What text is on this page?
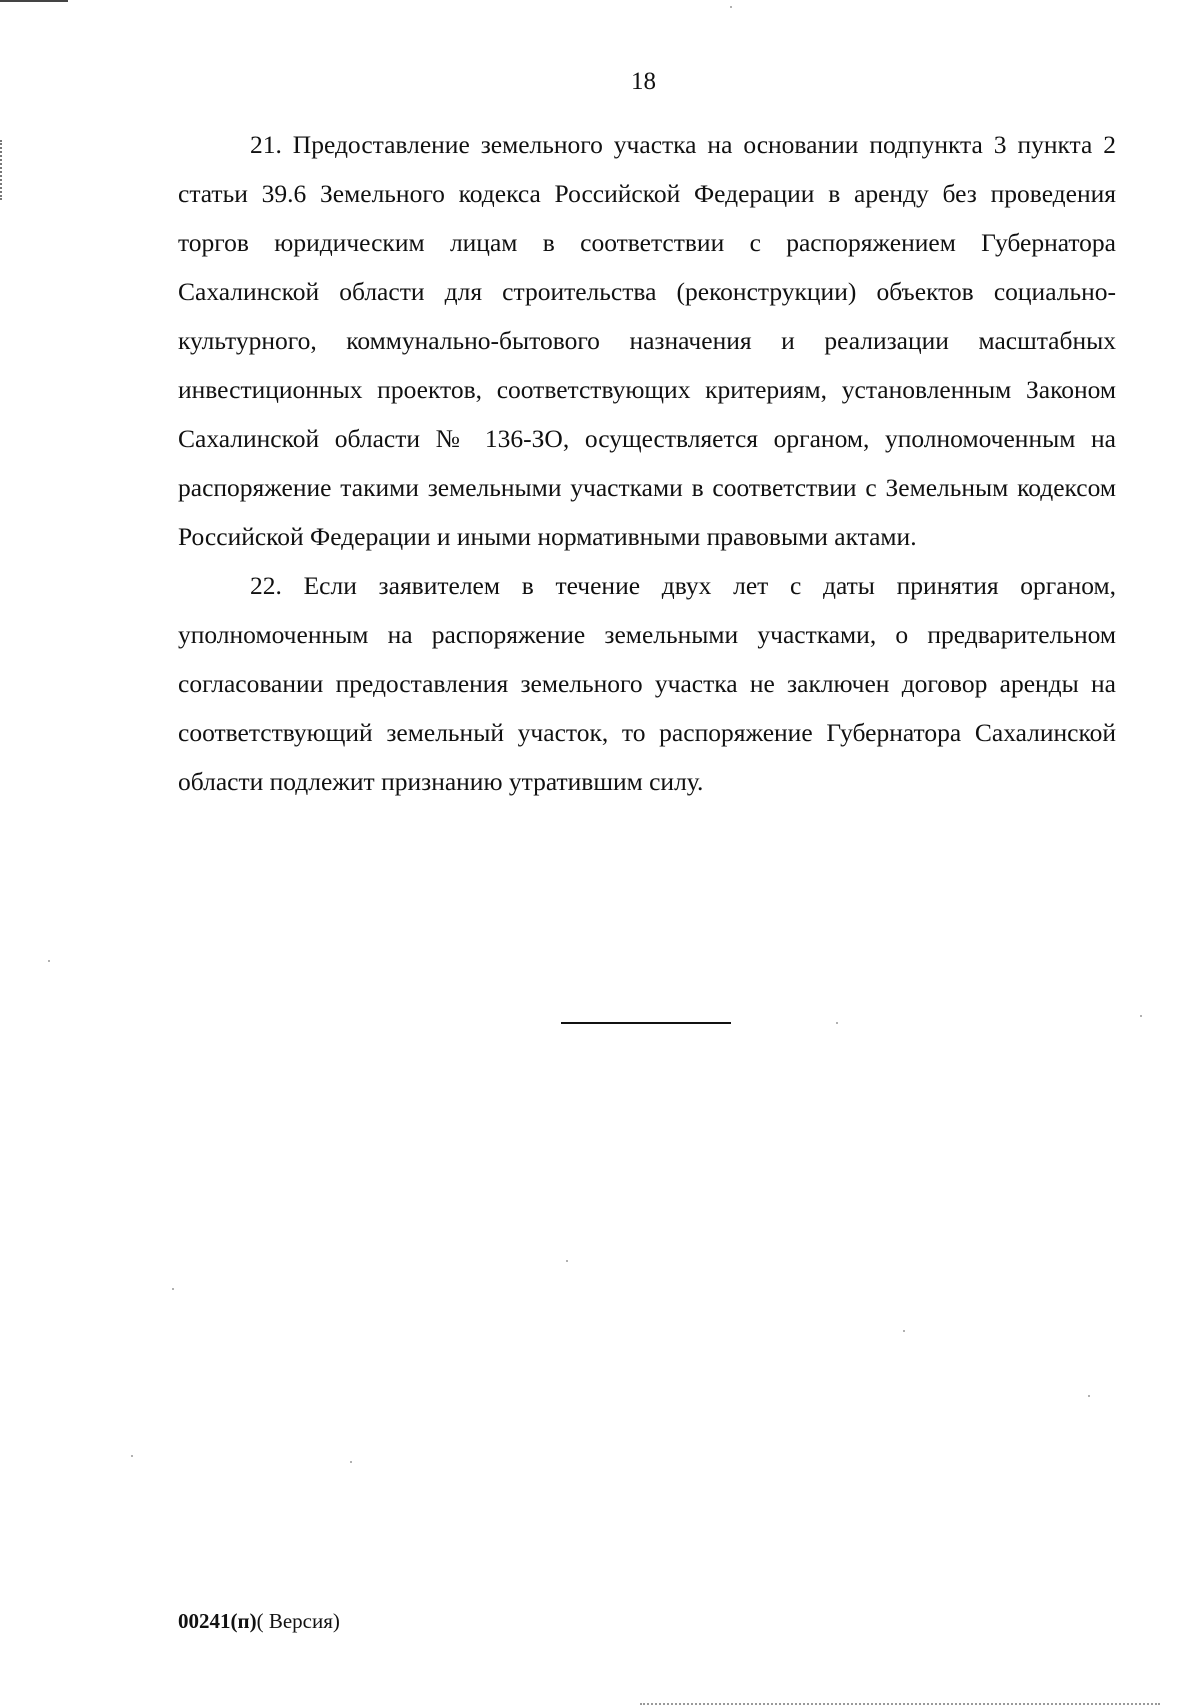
18

21. Предоставление земельного участка на основании подпункта 3 пункта 2 статьи 39.6 Земельного кодекса Российской Федерации в аренду без проведения торгов юридическим лицам в соответствии с распоряжением Губернатора Сахалинской области для строительства (реконструкции) объектов социально-культурного, коммунально-бытового назначения и реализации масштабных инвестиционных проектов, соответствующих критериям, установленным Законом Сахалинской области № 136-ЗО, осуществляется органом, уполномоченным на распоряжение такими земельными участками в соответствии с Земельным кодексом Российской Федерации и иными нормативными правовыми актами.

22. Если заявителем в течение двух лет с даты принятия органом, уполномоченным на распоряжение земельными участками, о предварительном согласовании предоставления земельного участка не заключен договор аренды на соответствующий земельный участок, то распоряжение Губернатора Сахалинской области подлежит признанию утратившим силу.

00241(п)( Версия)
